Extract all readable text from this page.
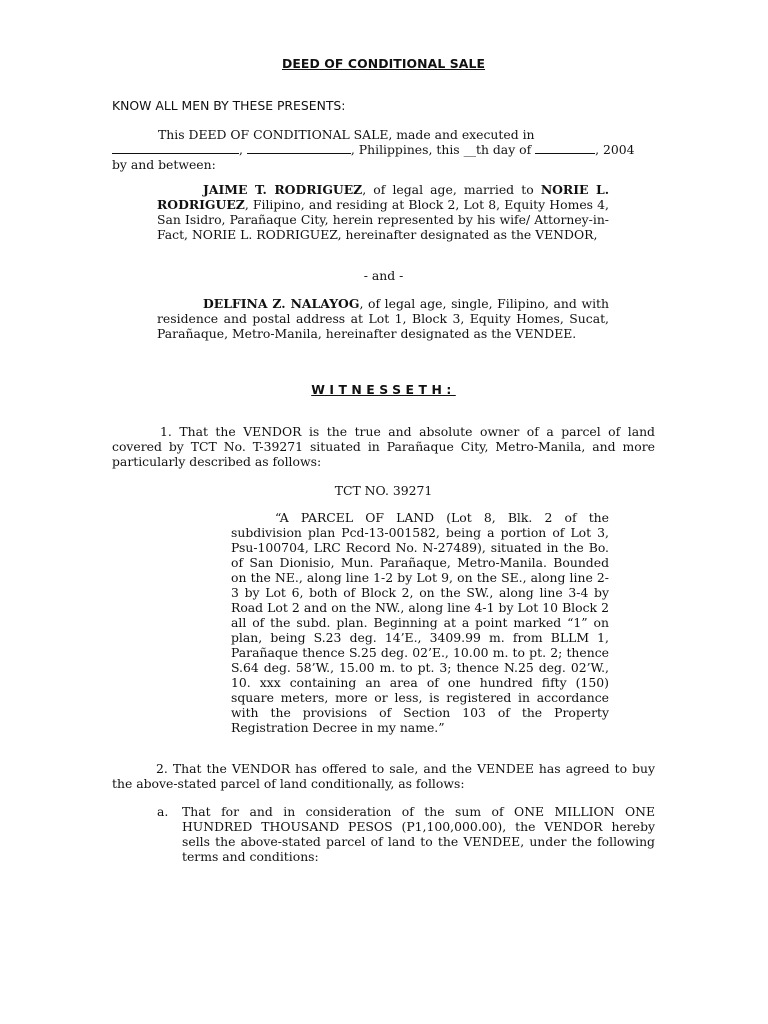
DEED OF CONDITIONAL SALE
KNOW ALL MEN BY THESE PRESENTS:
This DEED OF CONDITIONAL SALE, made and executed in
,	, Philippines, this __th day of	, 2004
by and between:
JAIME T. RODRIGUEZ, of legal age, married to NORIE L. RODRIGUEZ, Filipino, and residing at Block 2, Lot 8, Equity Homes 4, San Isidro, Parañaque City, herein represented by his wife/ Attorney-in-Fact, NORIE L. RODRIGUEZ, hereinafter designated as the VENDOR,
- and -
DELFINA Z. NALAYOG, of legal age, single, Filipino, and with residence and postal address at Lot 1, Block 3, Equity Homes, Sucat, Parañaque, Metro-Manila, hereinafter designated as the VENDEE.
WITNESSETH:
1. That the VENDOR is the true and absolute owner of a parcel of land covered by TCT No. T-39271 situated in Parañaque City, Metro-Manila, and more particularly described as follows:
TCT NO. 39271

“A PARCEL OF LAND (Lot 8, Blk. 2 of the subdivision plan Pcd-13-001582, being a portion of Lot 3, Psu-100704, LRC Record No. N-27489), situated in the Bo. of San Dionisio, Mun. Parañaque, Metro-Manila. Bounded on the NE., along line 1-2 by Lot 9, on the SE., along line 2-3 by Lot 6, both of Block 2, on the SW., along line 3-4 by Road Lot 2 and on the NW., along line 4-1 by Lot 10 Block 2 all of the subd. plan. Beginning at a point marked “1” on plan, being S.23 deg. 14’E., 3409.99 m. from BLLM 1, Parañaque thence S.25 deg. 02’E., 10.00 m. to pt. 2; thence S.64 deg. 58’W., 15.00 m. to pt. 3; thence N.25 deg. 02’W., 10. xxx containing an area of one hundred fifty (150) square meters, more or less, is registered in accordance with the provisions of Section 103 of the Property Registration Decree in my name.”

2. That the VENDOR has offered to sale, and the VENDEE has agreed to buy the above-stated parcel of land conditionally, as follows:
a. That for and in consideration of the sum of ONE MILLION ONE HUNDRED THOUSAND PESOS (P1,100,000.00), the VENDOR hereby sells the above-stated parcel of land to the VENDEE, under the following terms and conditions:
